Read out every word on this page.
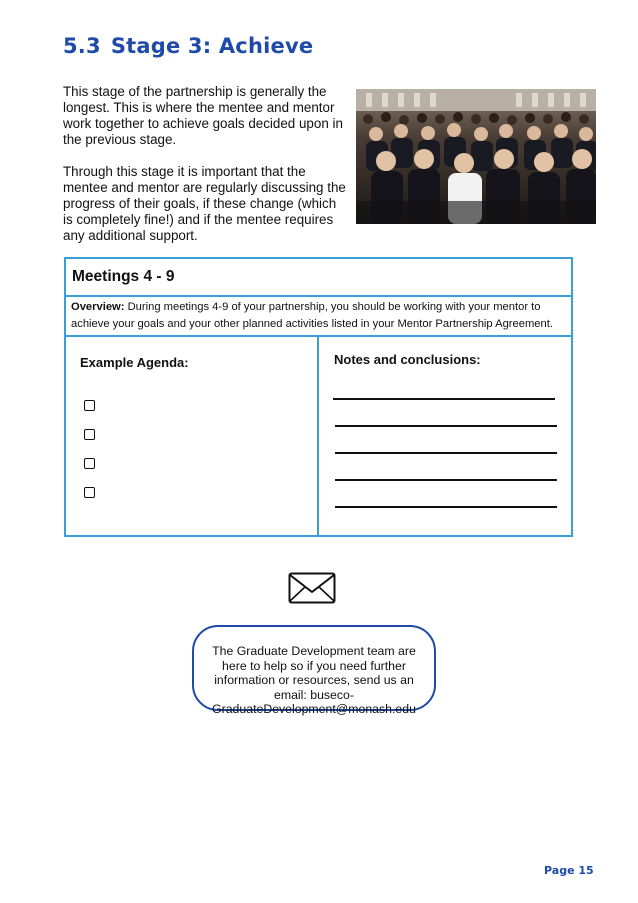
5.3 Stage 3: Achieve

This stage of the partnership is generally the longest. This is where the mentee and mentor work together to achieve goals decided upon in the previous stage.

Through this stage it is important that the mentee and mentor are regularly discussing the progress of their goals, if these change (which is completely fine!) and if the mentee requires any additional support.

Meetings 4 - 9
Overview: During meetings 4-9 of your partnership, you should be working with your mentor to achieve your goals and your other planned activities listed in your Mentor Partnership Agreement.
Example Agenda:	Notes and conclusions:
The Graduate Development team are here to help so if you need further information or resources, send us an email: buseco-GraduateDevelopment@monash.edu
Page 15
